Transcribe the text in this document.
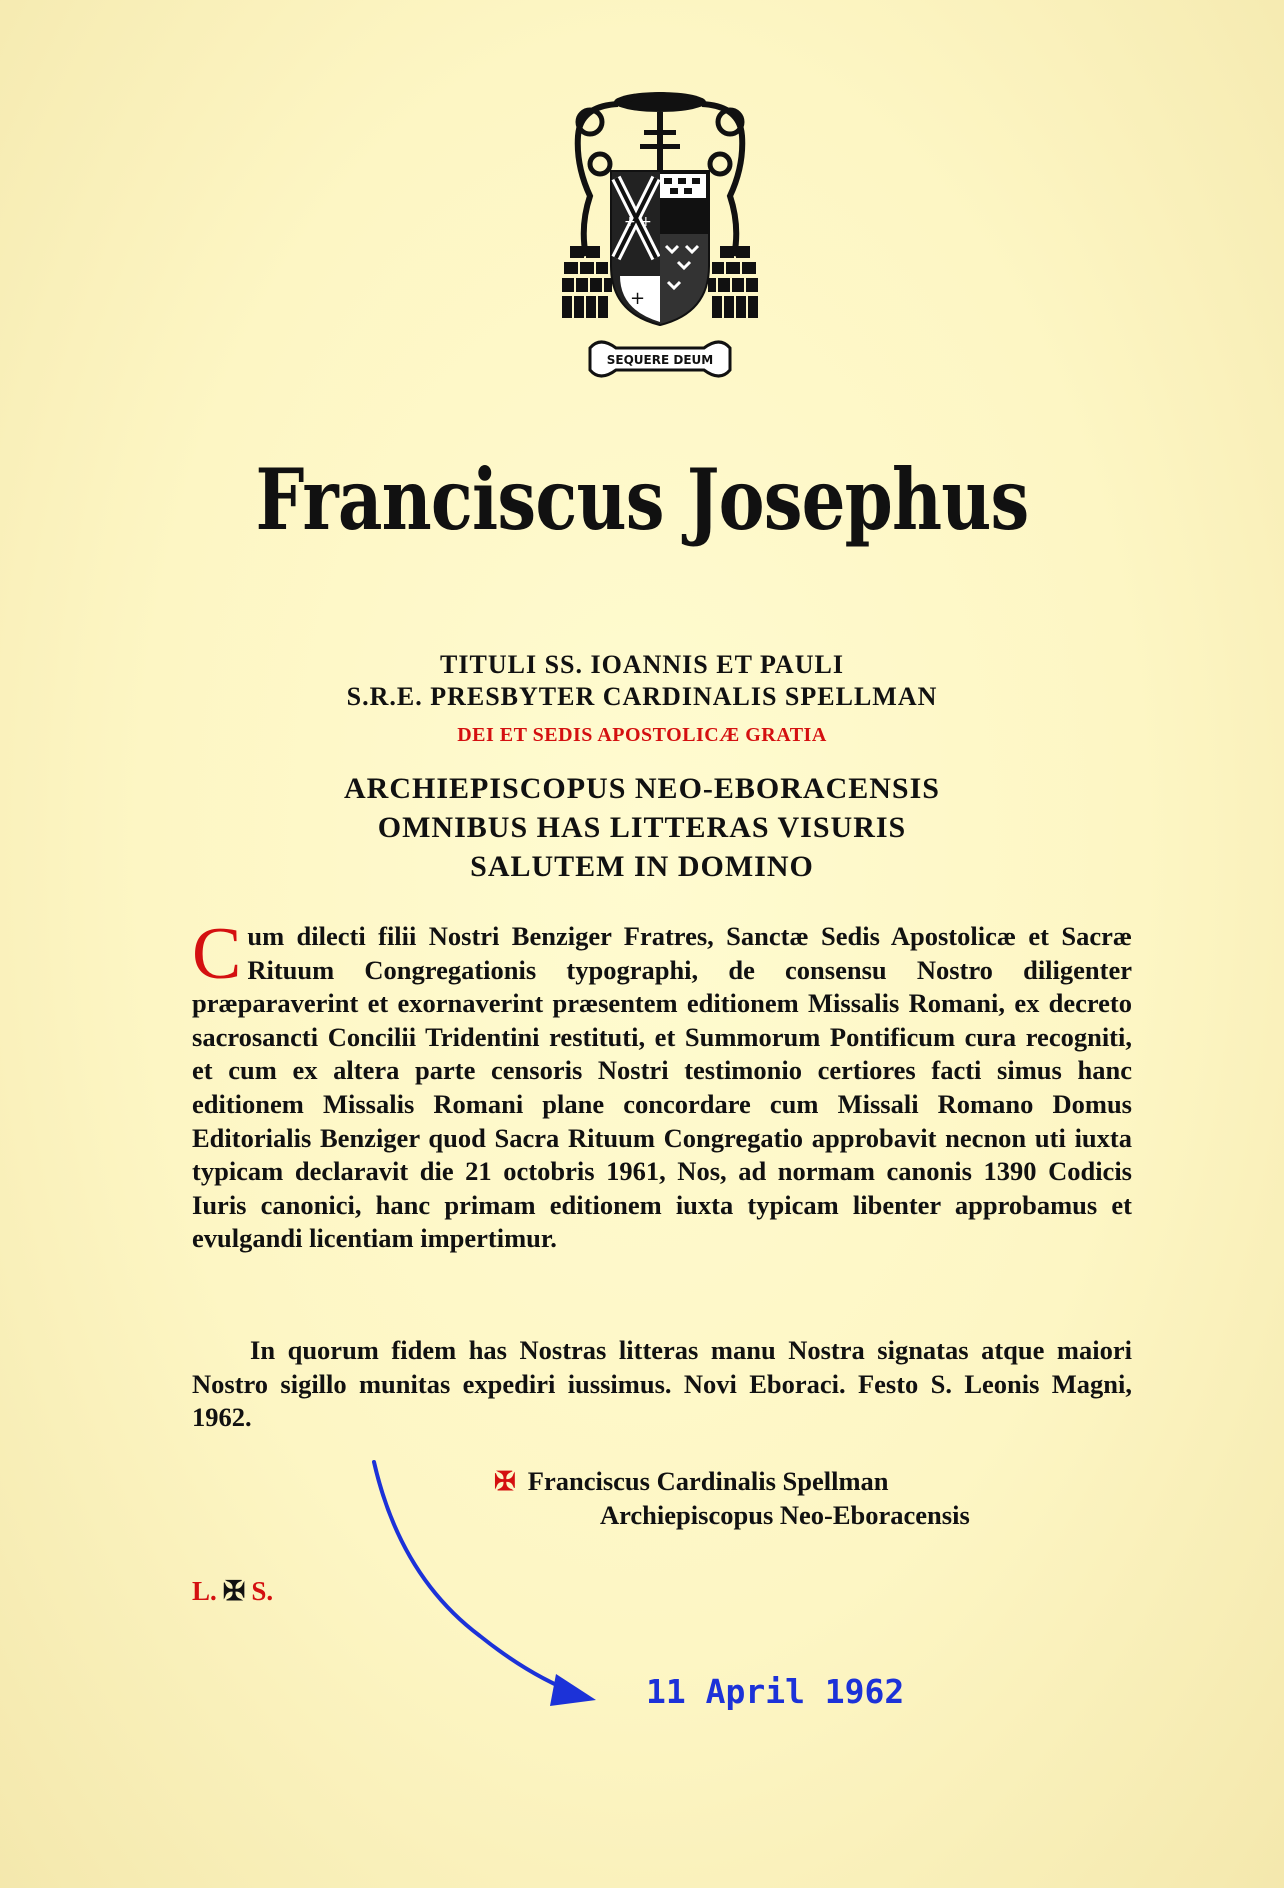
+ +
+
SEQUERE DEUM
Franciscus Josephus
TITULI SS. IOANNIS ET PAULI
S.R.E. PRESBYTER CARDINALIS SPELLMAN
DEI ET SEDIS APOSTOLICÆ GRATIA
ARCHIEPISCOPUS NEO-EBORACENSIS
OMNIBUS HAS LITTERAS VISURIS
SALUTEM IN DOMINO
Cum dilecti filii Nostri Benziger Fratres, Sanctæ Sedis Apostolicæ et Sacræ Rituum Congregationis typographi, de consensu Nostro diligenter præparaverint et exornaverint præsentem editionem Missalis Romani, ex decreto sacrosancti Concilii Tridentini restituti, et Summorum Pontificum cura recogniti, et cum ex altera parte censoris Nostri testimonio certiores facti simus hanc editionem Missalis Romani plane concordare cum Missali Romano Domus Editorialis Benziger quod Sacra Rituum Congregatio approbavit necnon uti iuxta typicam declaravit die 21 octobris 1961, Nos, ad normam canonis 1390 Codicis Iuris canonici, hanc primam editionem iuxta typicam libenter approbamus et evulgandi licentiam impertimur.
In quorum fidem has Nostras litteras manu Nostra signatas atque maiori Nostro sigillo munitas expediri iussimus. Novi Eboraci. Festo S. Leonis Magni, 1962.
✠ Franciscus Cardinalis Spellman
Archiepiscopus Neo-Eboracensis
L. ✠ S.
11 April 1962
